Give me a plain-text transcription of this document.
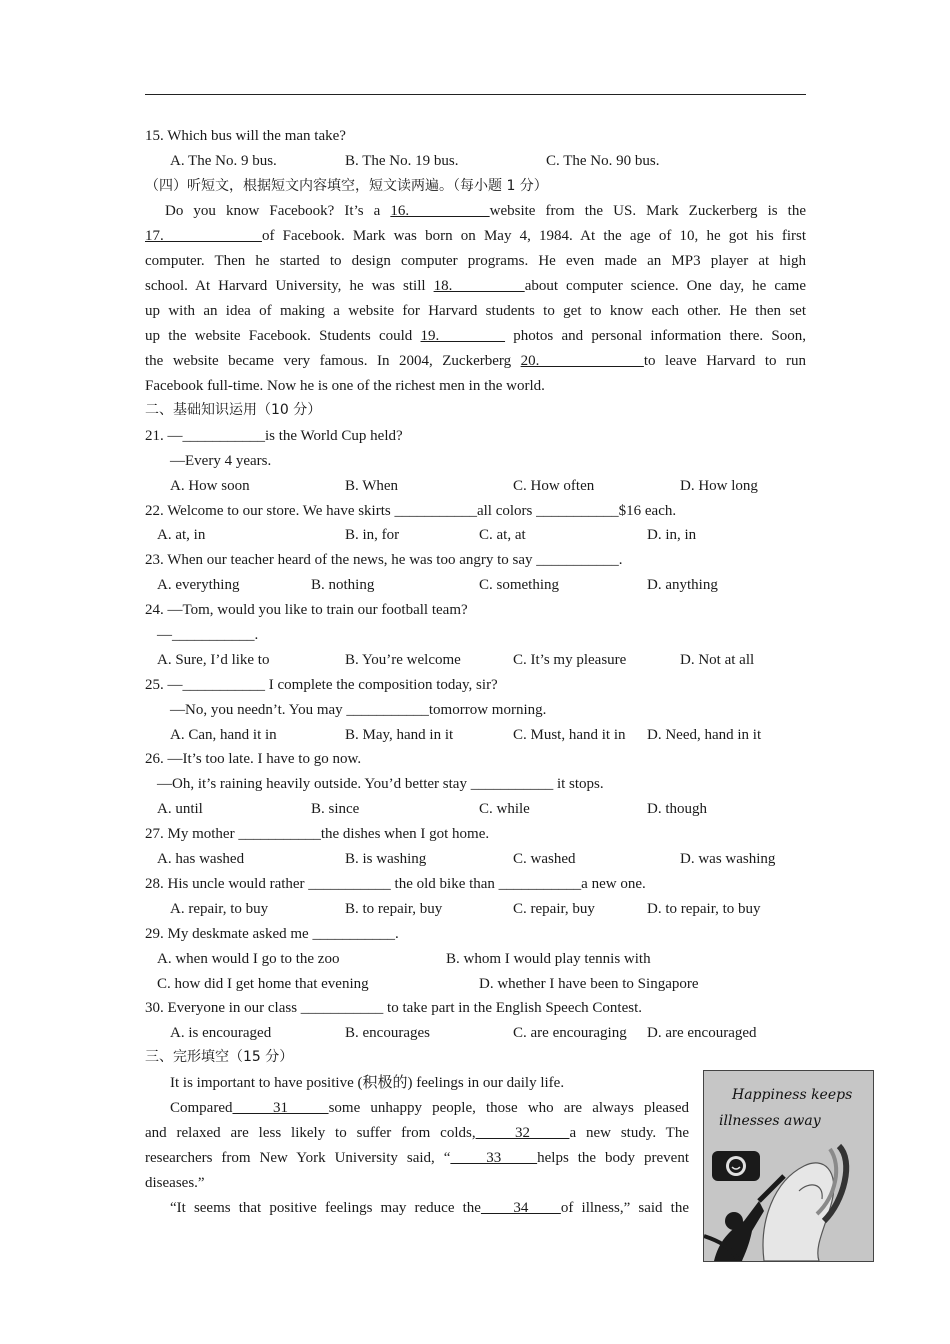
15. Which bus will the man take?
A. The No. 9 bus.	B. The No. 19 bus.	C. The No. 90 bus.
（四）听短文，根据短文内容填空，短文读两遍。（每小题 1 分）
Do you know Facebook? It’s a 16.        website from the US. Mark Zuckerberg is the
17.            of Facebook. Mark was born on May 4, 1984. At the age of 10, he got his first
computer. Then he started to design computer programs. He even made an MP3 player at high
school. At Harvard University, he was still 18.         about computer science. One day, he came
up with an idea of making a website for Harvard students to get to know each other. He then set
up the website Facebook. Students could 19.         photos and personal information there. Soon,
the website became very famous. In 2004, Zuckerberg 20.           to leave Harvard to run
Facebook full-time. Now he is one of the richest men in the world.
二、基础知识运用（10 分）
21. —___________is the World Cup held?
—Every 4 years.
A. How soon	B. When	C. How often	D. How long
22. Welcome to our store. We have skirts ___________all colors ___________$16 each.
A. at, in	B. in, for	C. at, at	D. in, in
23. When our teacher heard of the news, he was too angry to say ___________.
A. everything	B. nothing	C. something	D. anything
24. —Tom, would you like to train our football team?
—___________.
A. Sure, I’d like to	B. You’re welcome	C. It’s my pleasure	D. Not at all
25. —___________ I complete the composition today, sir?
—No, you needn’t. You may ___________tomorrow morning.
A. Can, hand it in	B. May, hand in it	C. Must, hand it in D. Need, hand in it
26. —It’s too late. I have to go now.
—Oh, it’s raining heavily outside. You’d better stay ___________ it stops.
A. until	B. since	C. while	D. though
27. My mother ___________the dishes when I got home.
A. has washed	B. is washing	C. washed	D. was washing
28. His uncle would rather ___________ the old bike than ___________a new one.
A. repair, to buy	B. to repair, buy	C. repair, buy	D. to repair, to buy
29. My deskmate asked me ___________.
A. when would I go to the zoo	B. whom I would play tennis with
C. how did I get home that evening	D. whether I have been to Singapore
30. Everyone in our class ___________ to take part in the English Speech Contest.
A. is encouraged	B. encourages	C. are encouraging D. are encouraged
三、完形填空（15 分）
It is important to have positive (积极的) feelings in our daily life.
Compared    31    some unhappy people, those who are always pleased
and relaxed are less likely to suffer from colds,    32    a new study. The
researchers from New York University said, “    33    helps the body prevent
diseases.”
“It seems that positive feelings may reduce the    34    of illness,” said the
Happiness keeps
illnesses away
